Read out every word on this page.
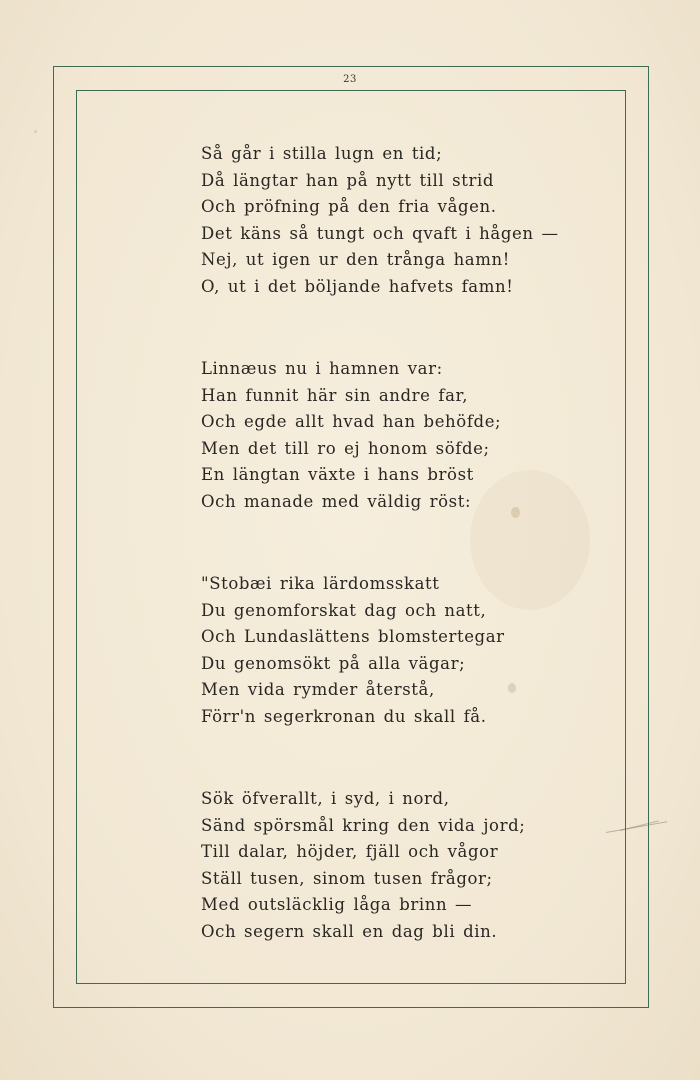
23

Så går i stilla lugn en tid;
Då längtar han på nytt till strid
Och pröfning på den fria vågen.
Det käns så tungt och qvaft i hågen —
Nej, ut igen ur den trånga hamn!
O, ut i det böljande hafvets famn!

Linnæus nu i hamnen var:
Han funnit här sin andre far,
Och egde allt hvad han behöfde;
Men det till ro ej honom söfde;
En längtan växte i hans bröst
Och manade med väldig röst:

"Stobæi rika lärdomsskatt
Du genomforskat dag och natt,
Och Lundaslättens blomstertegar
Du genomsökt på alla vägar;
Men vida rymder återstå,
Förr'n segerkronan du skall få.

Sök öfverallt, i syd, i nord,
Sänd spörsmål kring den vida jord;
Till dalar, höjder, fjäll och vågor
Ställ tusen, sinom tusen frågor;
Med outsläcklig låga brinn —
Och segern skall en dag bli din.
